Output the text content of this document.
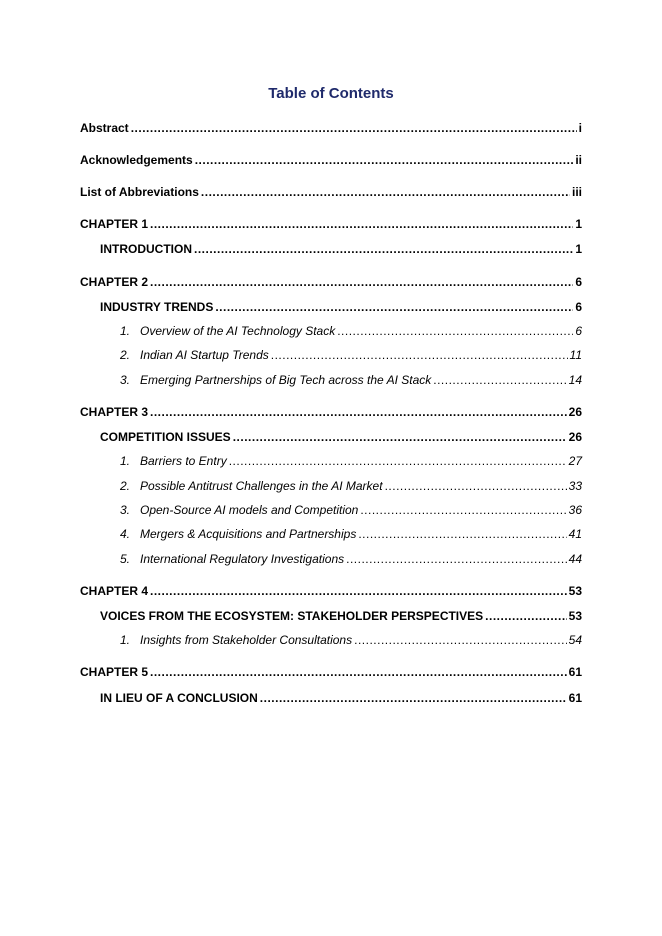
Table of Contents
Abstract .....	i
Acknowledgements .....	ii
List of Abbreviations .....	iii
CHAPTER 1 .....	1
INTRODUCTION .....	1
CHAPTER 2 .....	6
INDUSTRY TRENDS .....	6
1. Overview of the AI Technology Stack .....	6
2. Indian AI Startup Trends .....	11
3. Emerging Partnerships of Big Tech across the AI Stack .....	14
CHAPTER 3 .....	26
COMPETITION ISSUES .....	26
1. Barriers to Entry .....	27
2. Possible Antitrust Challenges in the AI Market .....	33
3. Open-Source AI models and Competition .....	36
4. Mergers & Acquisitions and Partnerships .....	41
5. International Regulatory Investigations .....	44
CHAPTER 4 .....	53
VOICES FROM THE ECOSYSTEM: STAKEHOLDER PERSPECTIVES .....	53
1. Insights from Stakeholder Consultations .....	54
CHAPTER 5 .....	61
IN LIEU OF A CONCLUSION .....	61
